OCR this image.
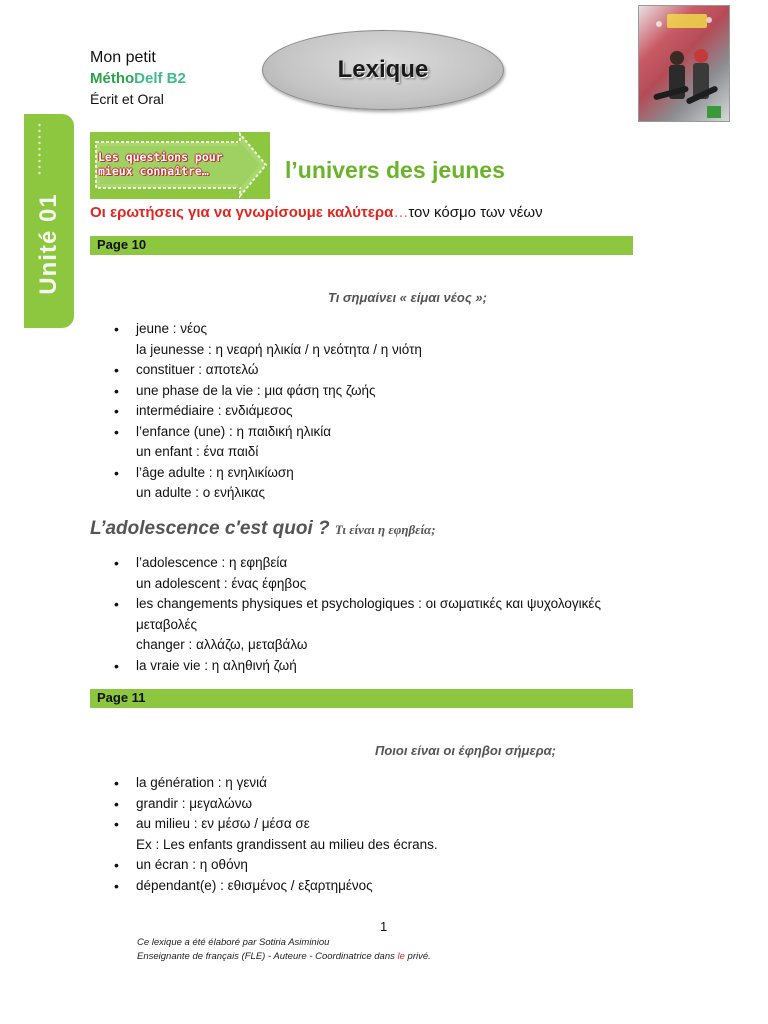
Mon petit
MéthoDelf B2
Écrit et Oral
Lexique
Unité 01
Les questions pour mieux connaître…	l’univers des jeunes
Οι ερωτήσεις για να γνωρίσουμε καλύτερα…τον κόσμο των νέων
Page 10
Τι σημαίνει « είμαι νέος »;
• jeune : νέος
la jeunesse : η νεαρή ηλικία / η νεότητα / η νιότη
• constituer : αποτελώ
• une phase de la vie : μια φάση της ζωής
• intermédiaire : ενδιάμεσος
• l’enfance (une) : η παιδική ηλικία
un enfant : ένα παιδί
• l’âge adulte : η ενηλικίωση
un adulte : ο ενήλικας
L’adolescence c'est quoi ? Τι είναι η εφηβεία;
• l’adolescence : η εφηβεία
un adolescent : ένας έφηβος
• les changements physiques et psychologiques : οι σωματικές και ψυχολογικές μεταβολές
changer : αλλάζω, μεταβάλω
• la vraie vie : η αληθινή ζωή
Page 11
Ποιοι είναι οι έφηβοι σήμερα;
• la génération : η γενιά
• grandir : μεγαλώνω
• au milieu : εν μέσω / μέσα σε
Ex : Les enfants grandissent au milieu des écrans.
• un écran : η οθόνη
• dépendant(e) : εθισμένος / εξαρτημένος
1
Ce lexique a été élaboré par Sotiria Asiminiou
Enseignante de français (FLE) - Auteure - Coordinatrice dans le privé.
